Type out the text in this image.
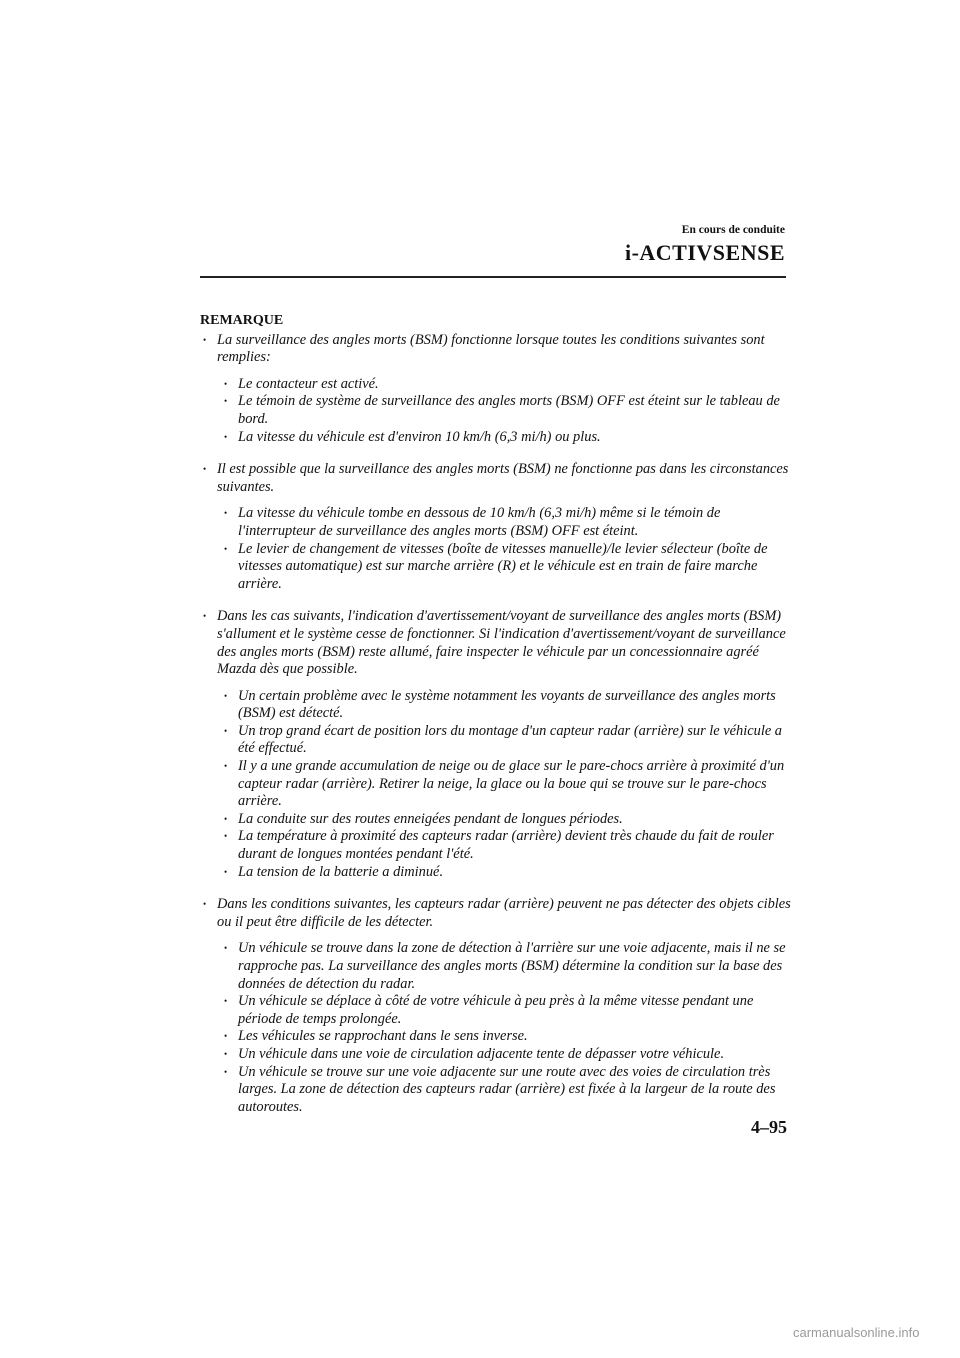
En cours de conduite
i-ACTIVSENSE
REMARQUE
• La surveillance des angles morts (BSM) fonctionne lorsque toutes les conditions suivantes sont remplies:
• Le contacteur est activé.
• Le témoin de système de surveillance des angles morts (BSM) OFF est éteint sur le tableau de bord.
• La vitesse du véhicule est d'environ 10 km/h (6,3 mi/h) ou plus.
• Il est possible que la surveillance des angles morts (BSM) ne fonctionne pas dans les circonstances suivantes.
• La vitesse du véhicule tombe en dessous de 10 km/h (6,3 mi/h) même si le témoin de l'interrupteur de surveillance des angles morts (BSM) OFF est éteint.
• Le levier de changement de vitesses (boîte de vitesses manuelle)/le levier sélecteur (boîte de vitesses automatique) est sur marche arrière (R) et le véhicule est en train de faire marche arrière.
• Dans les cas suivants, l'indication d'avertissement/voyant de surveillance des angles morts (BSM) s'allument et le système cesse de fonctionner. Si l'indication d'avertissement/voyant de surveillance des angles morts (BSM) reste allumé, faire inspecter le véhicule par un concessionnaire agréé Mazda dès que possible.
• Un certain problème avec le système notamment les voyants de surveillance des angles morts (BSM) est détecté.
• Un trop grand écart de position lors du montage d'un capteur radar (arrière) sur le véhicule a été effectué.
• Il y a une grande accumulation de neige ou de glace sur le pare-chocs arrière à proximité d'un capteur radar (arrière). Retirer la neige, la glace ou la boue qui se trouve sur le pare-chocs arrière.
• La conduite sur des routes enneigées pendant de longues périodes.
• La température à proximité des capteurs radar (arrière) devient très chaude du fait de rouler durant de longues montées pendant l'été.
• La tension de la batterie a diminué.
• Dans les conditions suivantes, les capteurs radar (arrière) peuvent ne pas détecter des objets cibles ou il peut être difficile de les détecter.
• Un véhicule se trouve dans la zone de détection à l'arrière sur une voie adjacente, mais il ne se rapproche pas. La surveillance des angles morts (BSM) détermine la condition sur la base des données de détection du radar.
• Un véhicule se déplace à côté de votre véhicule à peu près à la même vitesse pendant une période de temps prolongée.
• Les véhicules se rapprochant dans le sens inverse.
• Un véhicule dans une voie de circulation adjacente tente de dépasser votre véhicule.
• Un véhicule se trouve sur une voie adjacente sur une route avec des voies de circulation très larges. La zone de détection des capteurs radar (arrière) est fixée à la largeur de la route des autoroutes.
4–95
carmanualsonline.info
